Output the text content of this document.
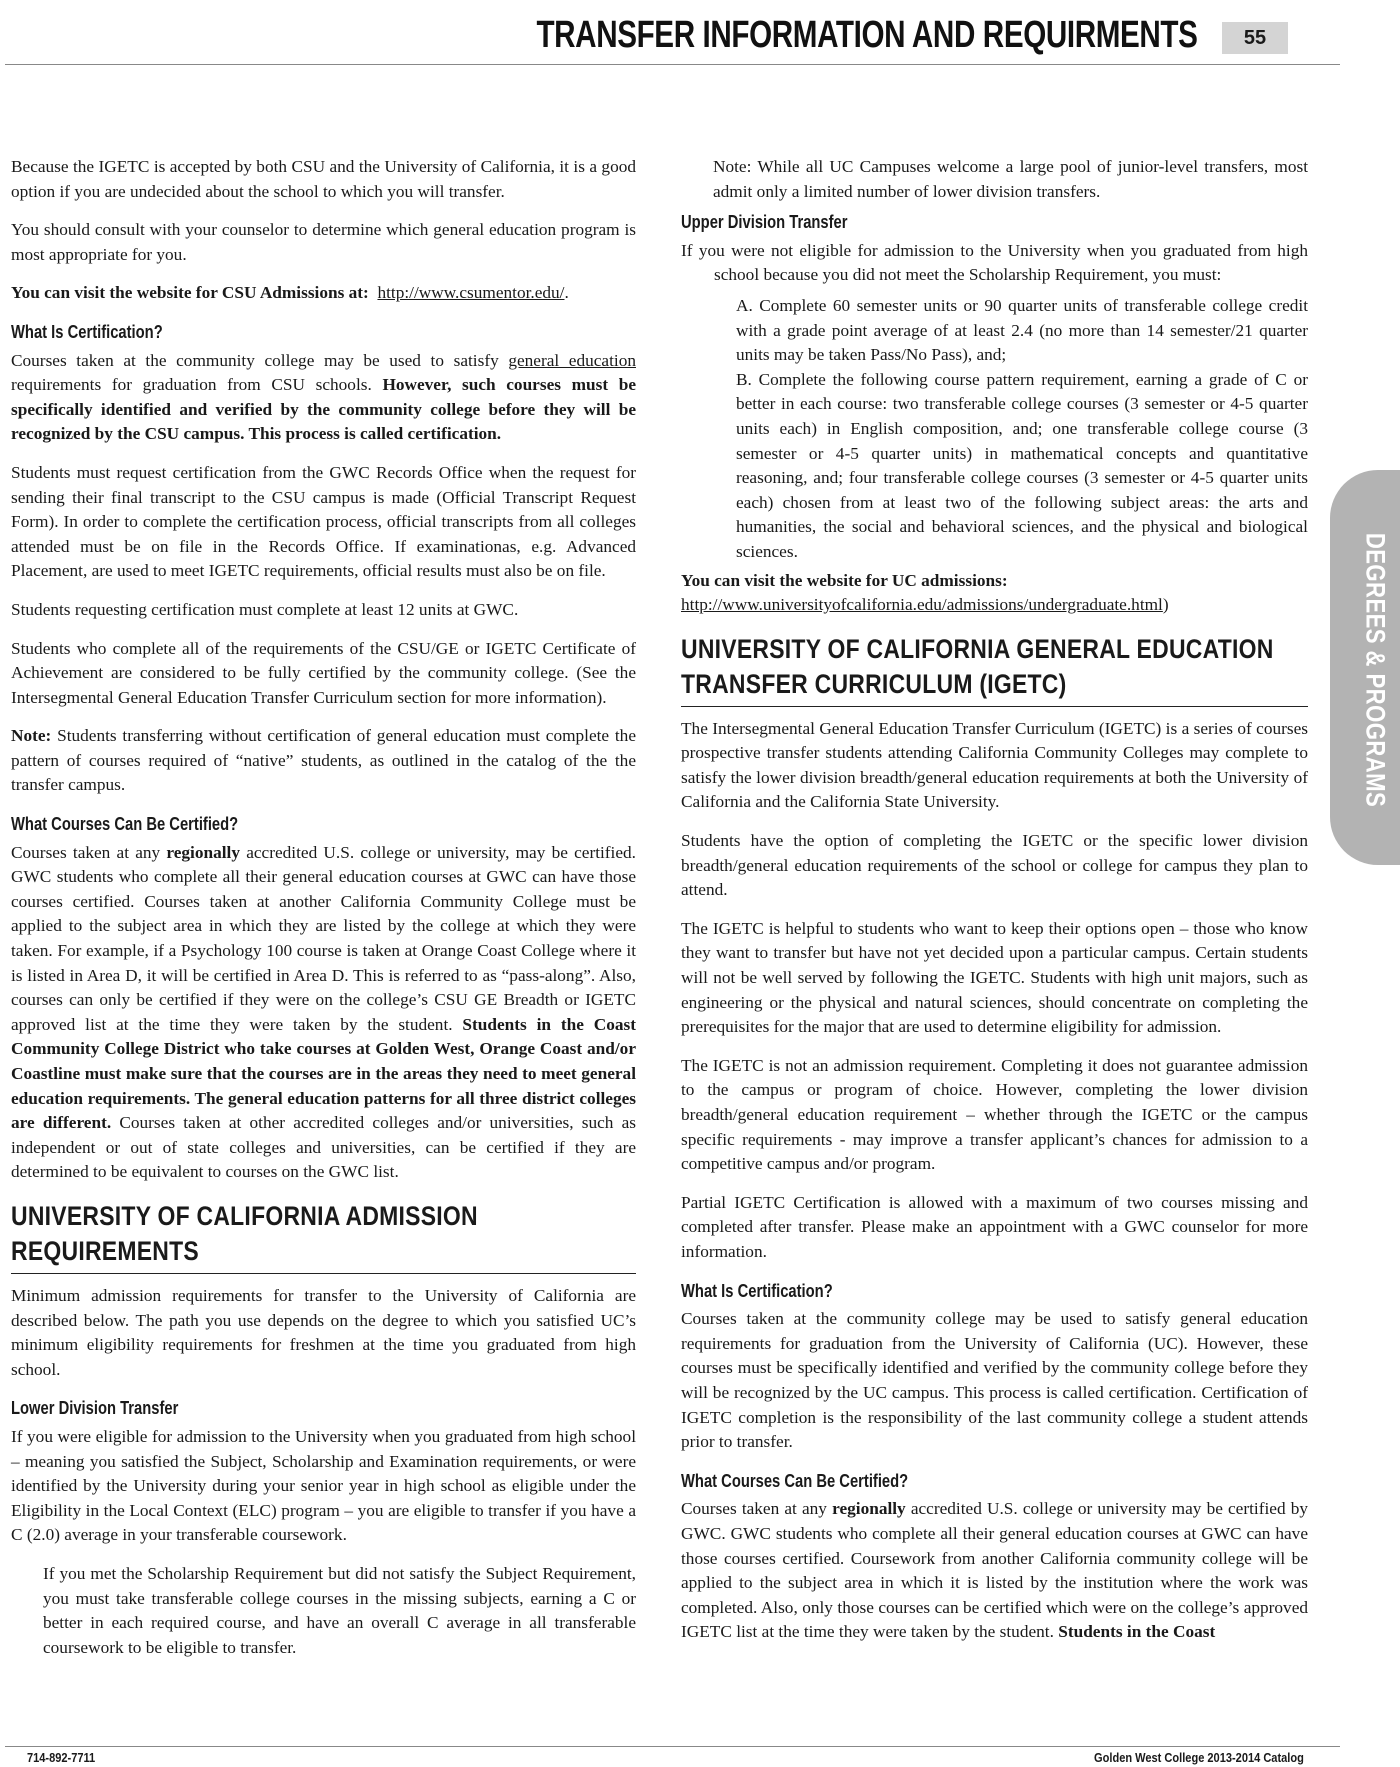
TRANSFER INFORMATION AND REQUIRMENTS	55

Because the IGETC is accepted by both CSU and the University of California, it is a good option if you are undecided about the school to which you will transfer.

You should consult with your counselor to determine which general education program is most appropriate for you.

You can visit the website for CSU Admissions at: http://www.csumentor.edu/.

What Is Certification?

Courses taken at the community college may be used to satisfy general education requirements for graduation from CSU schools. However, such courses must be specifically identified and verified by the community college before they will be recognized by the CSU campus. This process is called certification.

Students must request certification from the GWC Records Office when the request for sending their final transcript to the CSU campus is made (Official Transcript Request Form). In order to complete the certification process, official transcripts from all colleges attended must be on file in the Records Office. If examinationas, e.g. Advanced Placement, are used to meet IGETC requirements, official results must also be on file.

Students requesting certification must complete at least 12 units at GWC.

Students who complete all of the requirements of the CSU/GE or IGETC Certificate of Achievement are considered to be fully certified by the community college. (See the Intersegmental General Education Transfer Curriculum section for more information).

Note: Students transferring without certification of general education must complete the pattern of courses required of “native” students, as outlined in the catalog of the the transfer campus.

What Courses Can Be Certified?

Courses taken at any regionally accredited U.S. college or university, may be certified. GWC students who complete all their general education courses at GWC can have those courses certified. Courses taken at another California Community College must be applied to the subject area in which they are listed by the college at which they were taken. For example, if a Psychology 100 course is taken at Orange Coast College where it is listed in Area D, it will be certified in Area D. This is referred to as “pass-along”. Also, courses can only be certified if they were on the college’s CSU GE Breadth or IGETC approved list at the time they were taken by the student. Students in the Coast Community College District who take courses at Golden West, Orange Coast and/or Coastline must make sure that the courses are in the areas they need to meet general education requirements. The general education patterns for all three district colleges are different. Courses taken at other accredited colleges and/or universities, such as independent or out of state colleges and universities, can be certified if they are determined to be equivalent to courses on the GWC list.

UNIVERSITY OF CALIFORNIA ADMISSION
REQUIREMENTS

Minimum admission requirements for transfer to the University of California are described below. The path you use depends on the degree to which you satisfied UC’s minimum eligibility requirements for freshmen at the time you graduated from high school.

Lower Division Transfer

If you were eligible for admission to the University when you graduated from high school – meaning you satisfied the Subject, Scholarship and Examination requirements, or were identified by the University during your senior year in high school as eligible under the Eligibility in the Local Context (ELC) program – you are eligible to transfer if you have a C (2.0) average in your transferable coursework.

If you met the Scholarship Requirement but did not satisfy the Subject Requirement, you must take transferable college courses in the missing subjects, earning a C or better in each required course, and have an overall C average in all transferable coursework to be eligible to transfer.

Note: While all UC Campuses welcome a large pool of junior-level transfers, most admit only a limited number of lower division transfers.

Upper Division Transfer

If you were not eligible for admission to the University when you graduated from high school because you did not meet the Scholarship Requirement, you must:

A. Complete 60 semester units or 90 quarter units of transferable college credit with a grade point average of at least 2.4 (no more than 14 semester/21 quarter units may be taken Pass/No Pass), and;

B. Complete the following course pattern requirement, earning a grade of C or better in each course: two transferable college courses (3 semester or 4-5 quarter units each) in English composition, and; one transferable college course (3 semester or 4-5 quarter units) in mathematical concepts and quantitative reasoning, and; four transferable college courses (3 semester or 4-5 quarter units each) chosen from at least two of the following subject areas: the arts and humanities, the social and behavioral sciences, and the physical and biological sciences.

You can visit the website for UC admissions:
http://www.universityofcalifornia.edu/admissions/undergraduate.html)

UNIVERSITY OF CALIFORNIA GENERAL EDUCATION
TRANSFER CURRICULUM (IGETC)

The Intersegmental General Education Transfer Curriculum (IGETC) is a series of courses prospective transfer students attending California Community Colleges may complete to satisfy the lower division breadth/general education requirements at both the University of California and the California State University.

Students have the option of completing the IGETC or the specific lower division breadth/general education requirements of the school or college for campus they plan to attend.

The IGETC is helpful to students who want to keep their options open – those who know they want to transfer but have not yet decided upon a particular campus. Certain students will not be well served by following the IGETC. Students with high unit majors, such as engineering or the physical and natural sciences, should concentrate on completing the prerequisites for the major that are used to determine eligibility for admission.

The IGETC is not an admission requirement. Completing it does not guarantee admission to the campus or program of choice. However, completing the lower division breadth/general education requirement – whether through the IGETC or the campus specific requirements - may improve a transfer applicant’s chances for admission to a competitive campus and/or program.

Partial IGETC Certification is allowed with a maximum of two courses missing and completed after transfer. Please make an appointment with a GWC counselor for more information.

What Is Certification?

Courses taken at the community college may be used to satisfy general education requirements for graduation from the University of California (UC). However, these courses must be specifically identified and verified by the community college before they will be recognized by the UC campus. This process is called certification. Certification of IGETC completion is the responsibility of the last community college a student attends prior to transfer.

What Courses Can Be Certified?

Courses taken at any regionally accredited U.S. college or university may be certified by GWC. GWC students who complete all their general education courses at GWC can have those courses certified. Coursework from another California community college will be applied to the subject area in which it is listed by the institution where the work was completed. Also, only those courses can be certified which were on the college’s approved IGETC list at the time they were taken by the student. Students in the Coast

DEGREES & PROGRAMS
714-892-7711	Golden West College 2013-2014 Catalog
